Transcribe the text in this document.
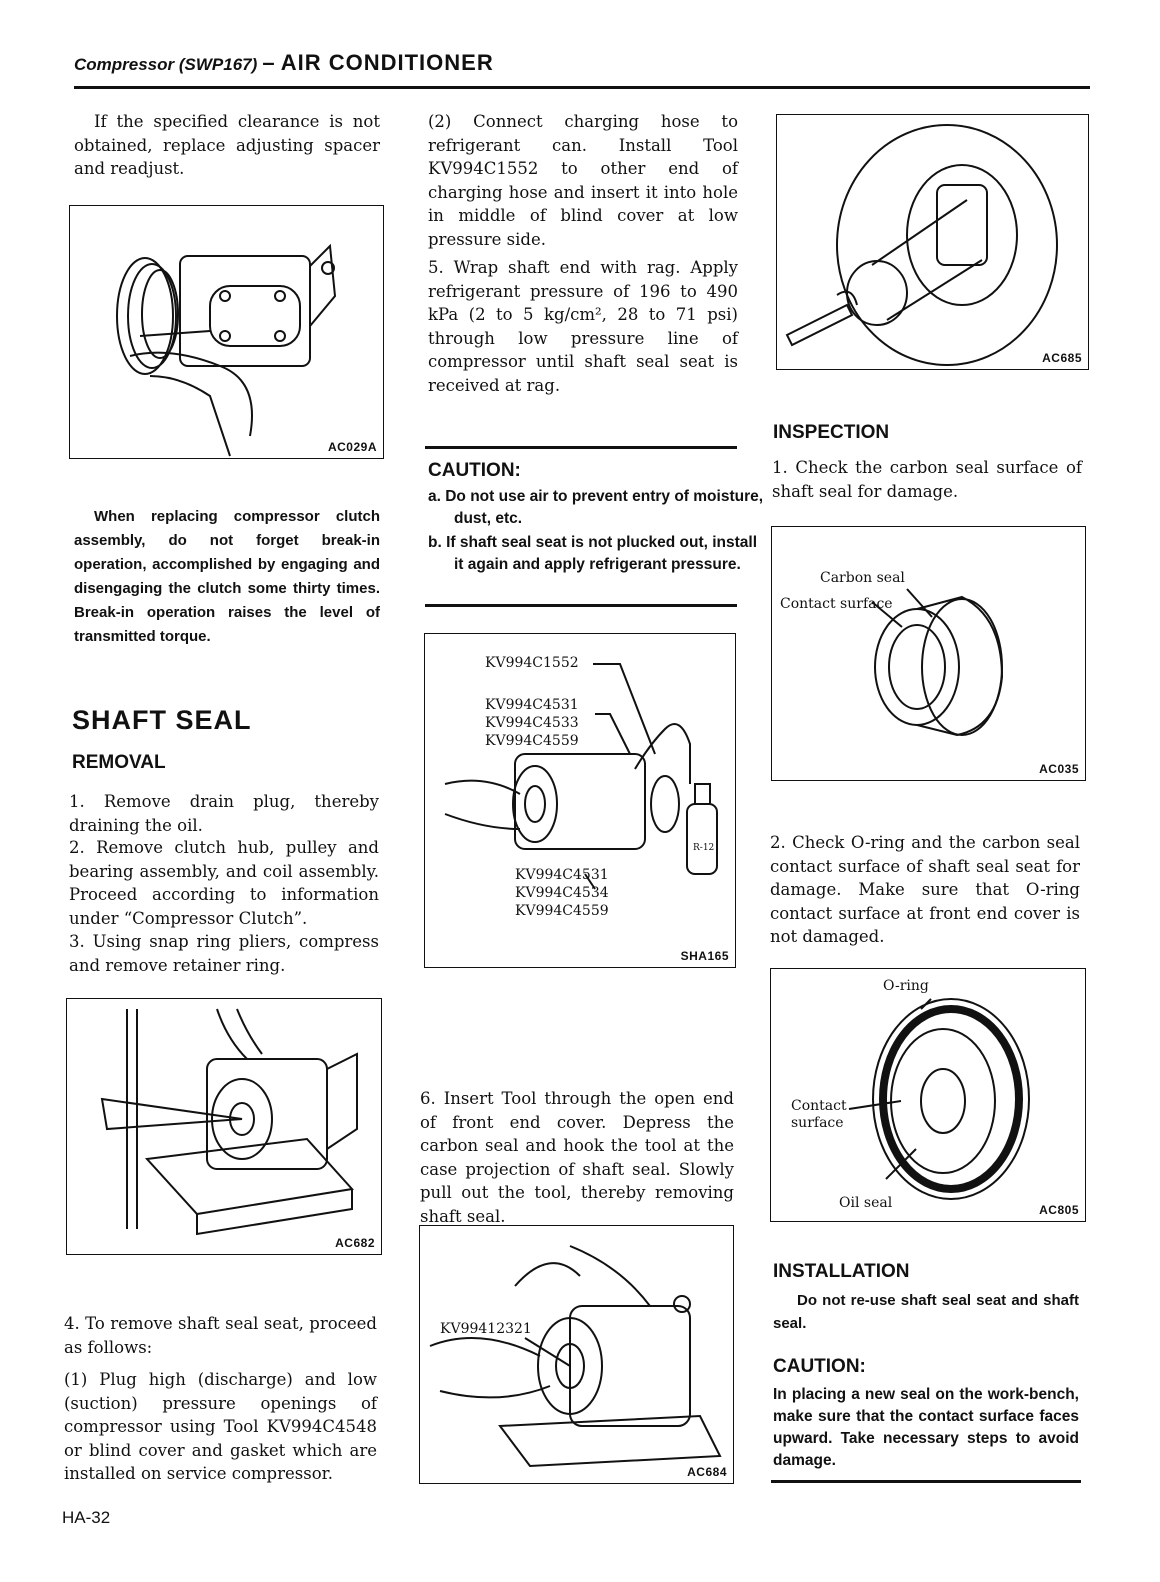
Compressor (SWP167) – AIR CONDITIONER

If the specified clearance is not obtained, replace adjusting spacer and readjust.

AC029A

When replacing compressor clutch assembly, do not forget break-in operation, accomplished by engaging and disengaging the clutch some thirty times. Break-in operation raises the level of transmitted torque.

SHAFT SEAL
REMOVAL

1. Remove drain plug, thereby draining the oil.

2. Remove clutch hub, pulley and bearing assembly, and coil assembly. Proceed according to information under “Compressor Clutch”.

3. Using snap ring pliers, compress and remove retainer ring.

AC682

4. To remove shaft seal seat, proceed as follows:

(1) Plug high (discharge) and low (suction) pressure openings of compressor using Tool KV994C4548 or blind cover and gasket which are installed on service compressor.

HA-32

(2) Connect charging hose to refrigerant can. Install Tool KV994C1552 to other end of charging hose and insert it into hole in middle of blind cover at low pressure side.

5. Wrap shaft end with rag. Apply refrigerant pressure of 196 to 490 kPa (2 to 5 kg/cm², 28 to 71 psi) through low pressure line of compressor until shaft seal seat is received at rag.

CAUTION:
a. Do not use air to prevent entry of moisture, dust, etc.
b. If shaft seal seat is not plucked out, install it again and apply refrigerant pressure.
KV994C1552
KV994C4531
KV994C4533
KV994C4559
KV994C4531
KV994C4534
KV994C4559
R-12
SHA165

6. Insert Tool through the open end of front end cover. Depress the carbon seal and hook the tool at the case projection of shaft seal. Slowly pull out the tool, thereby removing shaft seal.

KV99412321
AC684
AC685
INSPECTION

1. Check the carbon seal surface of shaft seal for damage.

Carbon seal
Contact surface
AC035

2. Check O-ring and the carbon seal contact surface of shaft seal seat for damage. Make sure that O-ring contact surface at front end cover is not damaged.

O-ring
Contact
surface
Oil seal	AC805
INSTALLATION

Do not re-use shaft seal seat and shaft seal.

CAUTION:
In placing a new seal on the work-bench, make sure that the contact surface faces upward. Take necessary steps to avoid damage.
